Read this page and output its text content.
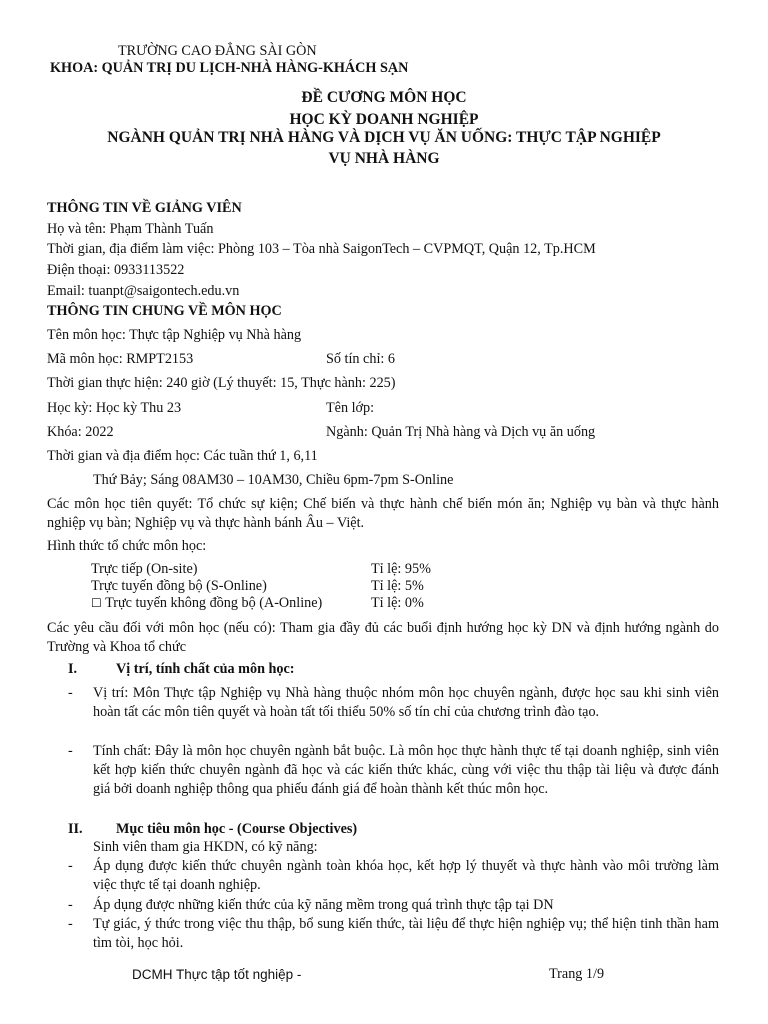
TRƯỜNG CAO ĐẲNG SÀI GÒN
KHOA: QUẢN TRỊ DU LỊCH-NHÀ HÀNG-KHÁCH SẠN
ĐỀ CƯƠNG MÔN HỌC
HỌC KỲ DOANH NGHIỆP
NGÀNH QUẢN TRỊ NHÀ HÀNG VÀ DỊCH VỤ ĂN UỐNG: THỰC TẬP NGHIỆP
VỤ NHÀ HÀNG
THÔNG TIN VỀ GIẢNG VIÊN
Họ và tên: Phạm Thành Tuấn
Thời gian, địa điểm làm việc: Phòng 103 – Tòa nhà SaigonTech – CVPMQT, Quận 12, Tp.HCM
Điện thoại: 0933113522
Email: tuanpt@saigontech.edu.vn
THÔNG TIN CHUNG VỀ MÔN HỌC
Tên môn học: Thực tập Nghiệp vụ Nhà hàng
Mã môn học: RMPT2153	Số tín chỉ: 6
Thời gian thực hiện: 240 giờ (Lý thuyết: 15, Thực hành: 225)
Học kỳ: Học kỳ Thu 23	Tên lớp:
Khóa: 2022	Ngành: Quản Trị Nhà hàng và Dịch vụ ăn uống
Thời gian và địa điểm học: Các tuần thứ 1, 6,11
Thứ Bảy; Sáng 08AM30 – 10AM30, Chiều 6pm-7pm S-Online
Các môn học tiên quyết: Tổ chức sự kiện; Chế biến và thực hành chế biến món ăn; Nghiệp vụ bàn và thực hành nghiệp vụ bàn; Nghiệp vụ và thực hành bánh Âu – Việt.
Hình thức tổ chức môn học:
Trực tiếp (On-site)	Tỉ lệ: 95%
Trực tuyến đồng bộ (S-Online)	Tỉ lệ: 5%
☐ Trực tuyến không đồng bộ (A-Online)	Tỉ lệ: 0%
Các yêu cầu đối với môn học (nếu có): Tham gia đầy đủ các buổi định hướng học kỳ DN và định hướng ngành do Trường và Khoa tổ chức
I.	Vị trí, tính chất của môn học:
- Vị trí: Môn Thực tập Nghiệp vụ Nhà hàng thuộc nhóm môn học chuyên ngành, được học sau khi sinh viên hoàn tất các môn tiên quyết và hoàn tất tối thiểu 50% số tín chỉ của chương trình đào tạo.
- Tính chất: Đây là môn học chuyên ngành bắt buộc. Là môn học thực hành thực tế tại doanh nghiệp, sinh viên kết hợp kiến thức chuyên ngành đã học và các kiến thức khác, cùng với việc thu thập tài liệu và được đánh giá bởi doanh nghiệp thông qua phiếu đánh giá để hoàn thành kết thúc môn học.
II. Mục tiêu môn học - (Course Objectives)
Sinh viên tham gia HKDN, có kỹ năng:
- Áp dụng được kiến thức chuyên ngành toàn khóa học, kết hợp lý thuyết và thực hành vào môi trường làm việc thực tế tại doanh nghiệp.
- Áp dụng được những kiến thức của kỹ năng mềm trong quá trình thực tập tại DN
- Tự giác, ý thức trong việc thu thập, bổ sung kiến thức, tài liệu để thực hiện nghiệp vụ; thể hiện tinh thần ham tìm tòi, học hỏi.
DCMH Thực tập tốt nghiệp -	Trang 1/9
